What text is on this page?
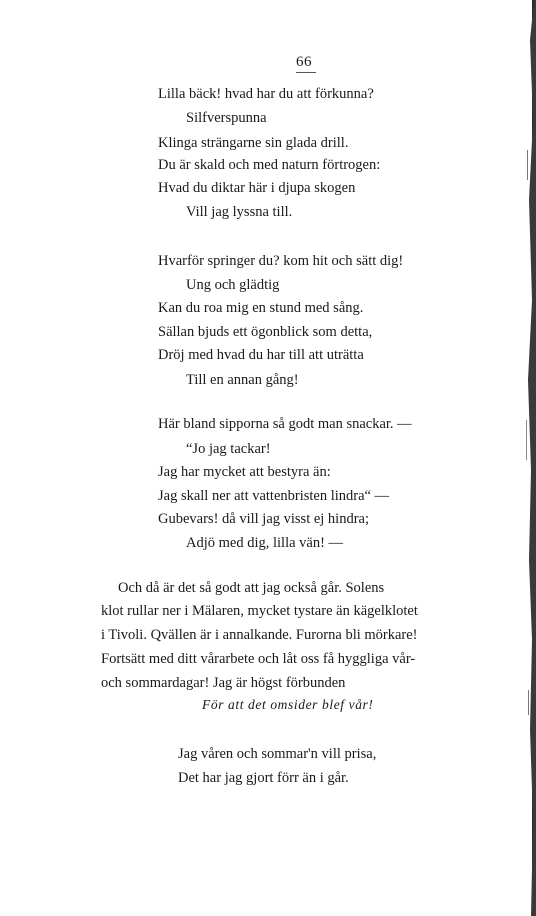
66
Lilla bäck! hvad har du att förkunna?
Silfverspunna
Klinga strängarne sin glada drill.
Du är skald och med naturn förtrogen:
Hvad du diktar här i djupa skogen
Vill jag lyssna till.
Hvarför springer du? kom hit och sätt dig!
Ung och glädtig
Kan du roa mig en stund med sång.
Sällan bjuds ett ögonblick som detta,
Dröj med hvad du har till att uträtta
Till en annan gång!
Här bland sipporna så godt man snackar. —
“Jo jag tackar!
Jag har mycket att bestyra än:
Jag skall ner att vattenbristen lindra“ —
Gubevars! då vill jag visst ej hindra;
Adjö med dig, lilla vän! —
Och då är det så godt att jag också går. Solens
klot rullar ner i Mälaren, mycket tystare än kägelklotet
i Tivoli. Qvällen är i annalkande. Furorna bli mörkare!
Fortsätt med ditt vårarbete och låt oss få hyggliga vår-
och sommardagar! Jag är högst förbunden
För att det omsider blef vår!
Jag våren och sommar'n vill prisa,
Det har jag gjort förr än i går.
